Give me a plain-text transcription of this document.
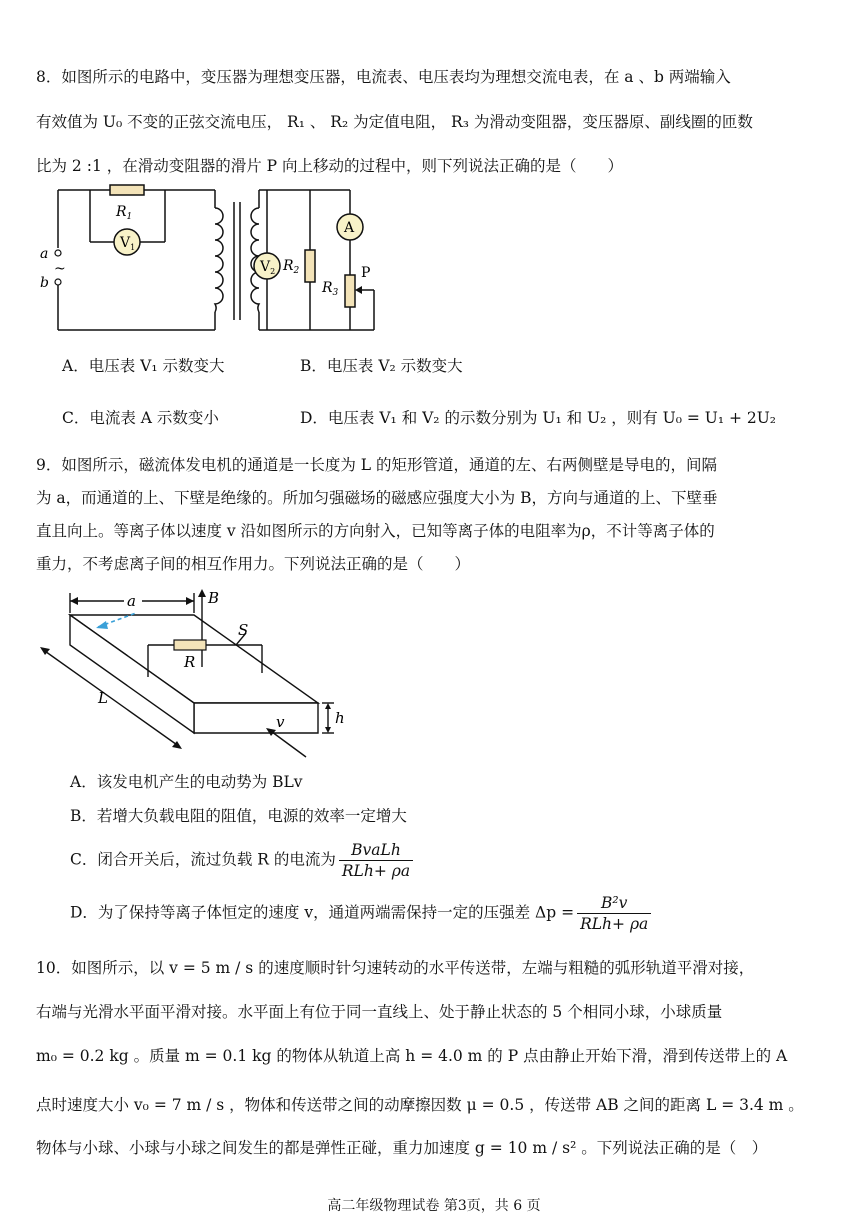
8．如图所示的电路中，变压器为理想变压器，电流表、电压表均为理想交流电表，在 a 、b 两端输入
有效值为 U₀ 不变的正弦交流电压， R₁ 、 R₂ 为定值电阻， R₃ 为滑动变阻器，变压器原、副线圈的匝数
比为 2 :1 ，在滑动变阻器的滑片 P 向上移动的过程中，则下列说法正确的是（　　）
$R_1$
$V_1$
$V_2$ $R_2$
$R_3$
A
P
a
~
b
A．电压表 V₁ 示数变大	B．电压表 V₂ 示数变大
C．电流表 A 示数变小	D．电压表 V₁ 和 V₂ 的示数分别为 U₁ 和 U₂ ，则有 U₀ = U₁ + 2U₂
9．如图所示，磁流体发电机的通道是一长度为 L 的矩形管道，通道的左、右两侧壁是导电的，间隔
为 a，而通道的上、下壁是绝缘的。所加匀强磁场的磁感应强度大小为 B，方向与通道的上、下壁垂
直且向上。等离子体以速度 v 沿如图所示的方向射入，已知等离子体的电阻率为ρ，不计等离子体的
重力，不考虑离子间的相互作用力。下列说法正确的是（　　）
a	B
S
R
L
v	h
A．该发电机产生的电动势为 BLv
B．若增大负载电阻的阻值，电源的效率一定增大
C．闭合开关后，流过负载 R 的电流为 $\frac{\text{BvaLh}}{\text{RLh+ ρa}}$
D．为了保持等离子体恒定的速度 v，通道两端需保持一定的压强差 $\Delta p = \frac{\text{B²v}}{\text{RLh+ ρa}}$
10．如图所示，以 v = 5 m / s 的速度顺时针匀速转动的水平传送带，左端与粗糙的弧形轨道平滑对接，
右端与光滑水平面平滑对接。水平面上有位于同一直线上、处于静止状态的 5 个相同小球，小球质量
m₀ = 0.2 kg 。质量 m = 0.1 kg 的物体从轨道上高 h = 4.0 m 的 P 点由静止开始下滑，滑到传送带上的 A
点时速度大小 v₀ = 7 m / s ，物体和传送带之间的动摩擦因数 μ = 0.5 ，传送带 AB 之间的距离 L = 3.4 m 。
物体与小球、小球与小球之间发生的都是弹性正碰，重力加速度 g = 10 m / s² 。下列说法正确的是（　）
高二年级物理试卷 第3页，共 6 页
